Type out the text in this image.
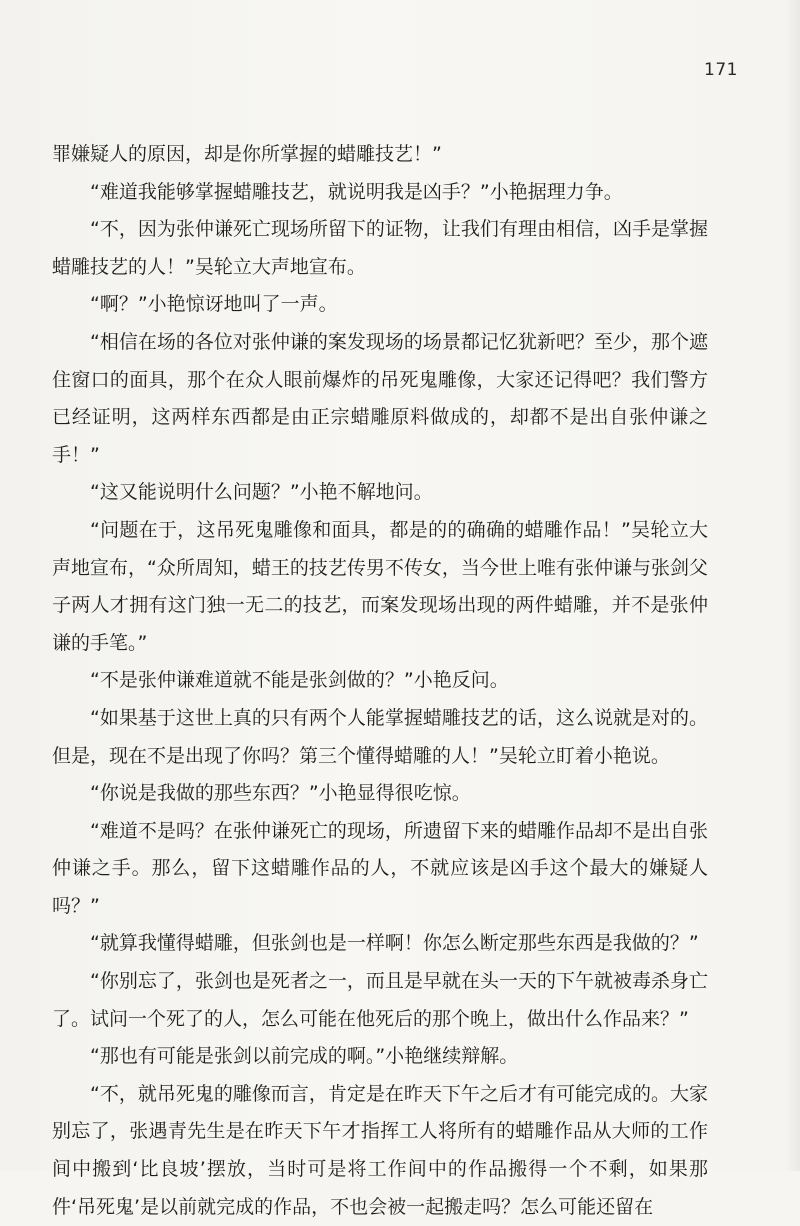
171

罪嫌疑人的原因，却是你所掌握的蜡雕技艺！”

“难道我能够掌握蜡雕技艺，就说明我是凶手？”小艳据理力争。

“不，因为张仲谦死亡现场所留下的证物，让我们有理由相信，凶手是掌握蜡雕技艺的人！”吴轮立大声地宣布。

“啊？”小艳惊讶地叫了一声。

“相信在场的各位对张仲谦的案发现场的场景都记忆犹新吧？至少，那个遮住窗口的面具，那个在众人眼前爆炸的吊死鬼雕像，大家还记得吧？我们警方已经证明，这两样东西都是由正宗蜡雕原料做成的，却都不是出自张仲谦之手！”

“这又能说明什么问题？”小艳不解地问。

“问题在于，这吊死鬼雕像和面具，都是的的确确的蜡雕作品！”吴轮立大声地宣布，“众所周知，蜡王的技艺传男不传女，当今世上唯有张仲谦与张剑父子两人才拥有这门独一无二的技艺，而案发现场出现的两件蜡雕，并不是张仲谦的手笔。”

“不是张仲谦难道就不能是张剑做的？”小艳反问。

“如果基于这世上真的只有两个人能掌握蜡雕技艺的话，这么说就是对的。但是，现在不是出现了你吗？第三个懂得蜡雕的人！”吴轮立盯着小艳说。

“你说是我做的那些东西？”小艳显得很吃惊。

“难道不是吗？在张仲谦死亡的现场，所遗留下来的蜡雕作品却不是出自张仲谦之手。那么，留下这蜡雕作品的人，不就应该是凶手这个最大的嫌疑人吗？”

“就算我懂得蜡雕，但张剑也是一样啊！你怎么断定那些东西是我做的？”

“你别忘了，张剑也是死者之一，而且是早就在头一天的下午就被毒杀身亡了。试问一个死了的人，怎么可能在他死后的那个晚上，做出什么作品来？”

“那也有可能是张剑以前完成的啊。”小艳继续辩解。

“不，就吊死鬼的雕像而言，肯定是在昨天下午之后才有可能完成的。大家别忘了，张遇青先生是在昨天下午才指挥工人将所有的蜡雕作品从大师的工作间中搬到‘比良坡’摆放，当时可是将工作间中的作品搬得一个不剩，如果那件‘吊死鬼’是以前就完成的作品，不也会被一起搬走吗？怎么可能还留在
